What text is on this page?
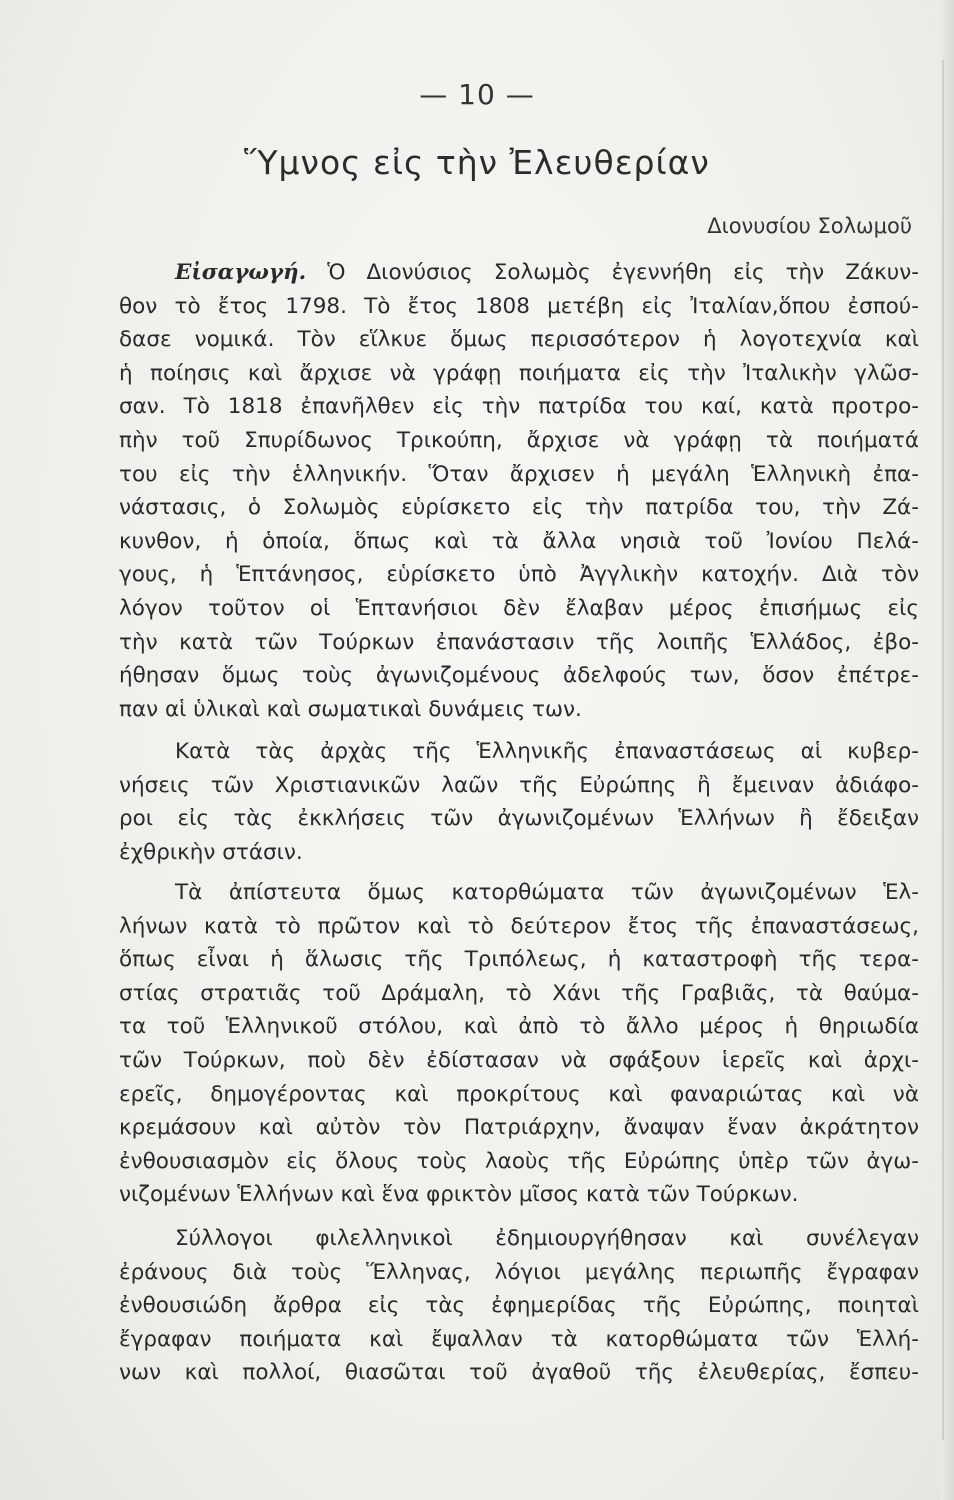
— 10 —
Ὕμνος εἰς τὴν Ἐλευθερίαν
Διονυσίου Σολωμοῦ
Εἰσαγωγή. Ὁ Διονύσιος Σολωμὸς ἐγεννήθη εἰς τὴν Ζάκυν-
θον τὸ ἔτος 1798. Τὸ ἔτος 1808 μετέβη εἰς Ἰταλίαν,ὅπου ἐσπού-
δασε νομικά. Τὸν εἵλκυε ὅμως περισσότερον ἡ λογοτεχνία καὶ
ἡ ποίησις καὶ ἄρχισε νὰ γράφῃ ποιήματα εἰς τὴν Ἰταλικὴν γλῶσ-
σαν. Τὸ 1818 ἐπανῆλθεν εἰς τὴν πατρίδα του καί, κατὰ προτρο-
πὴν τοῦ Σπυρίδωνος Τρικούπη, ἄρχισε νὰ γράφῃ τὰ ποιήματά
του εἰς τὴν ἑλληνικήν. Ὅταν ἄρχισεν ἡ μεγάλη Ἑλληνικὴ ἐπα-
νάστασις, ὁ Σολωμὸς εὑρίσκετο εἰς τὴν πατρίδα του, τὴν Ζά-
κυνθον, ἡ ὁποία, ὅπως καὶ τὰ ἄλλα νησιὰ τοῦ Ἰονίου Πελά-
γους, ἡ Ἑπτάνησος, εὑρίσκετο ὑπὸ Ἀγγλικὴν κατοχήν. Διὰ τὸν
λόγον τοῦτον οἱ Ἑπτανήσιοι δὲν ἔλαβαν μέρος ἐπισήμως εἰς
τὴν κατὰ τῶν Τούρκων ἐπανάστασιν τῆς λοιπῆς Ἑλλάδος, ἐβο-
ήθησαν ὅμως τοὺς ἀγωνιζομένους ἀδελφούς των, ὅσον ἐπέτρε-
παν αἱ ὑλικαὶ καὶ σωματικαὶ δυνάμεις των.
Κατὰ τὰς ἀρχὰς τῆς Ἑλληνικῆς ἐπαναστάσεως αἱ κυβερ-
νήσεις τῶν Χριστιανικῶν λαῶν τῆς Εὐρώπης ἢ ἔμειναν ἀδιάφο-
ροι εἰς τὰς ἐκκλήσεις τῶν ἀγωνιζομένων Ἑλλήνων ἢ ἔδειξαν
ἐχθρικὴν στάσιν.
Τὰ ἀπίστευτα ὅμως κατορθώματα τῶν ἀγωνιζομένων Ἑλ-
λήνων κατὰ τὸ πρῶτον καὶ τὸ δεύτερον ἔτος τῆς ἐπαναστάσεως,
ὅπως εἶναι ἡ ἅλωσις τῆς Τριπόλεως, ἡ καταστροφὴ τῆς τερα-
στίας στρατιᾶς τοῦ Δράμαλη, τὸ Χάνι τῆς Γραβιᾶς, τὰ θαύμα-
τα τοῦ Ἑλληνικοῦ στόλου, καὶ ἀπὸ τὸ ἄλλο μέρος ἡ θηριωδία
τῶν Τούρκων, ποὺ δὲν ἐδίστασαν νὰ σφάξουν ἱερεῖς καὶ ἀρχι-
ερεῖς, δημογέροντας καὶ προκρίτους καὶ φαναριώτας καὶ νὰ
κρεμάσουν καὶ αὐτὸν τὸν Πατριάρχην, ἄναψαν ἕναν ἀκράτητον
ἐνθουσιασμὸν εἰς ὅλους τοὺς λαοὺς τῆς Εὐρώπης ὑπὲρ τῶν ἀγω-
νιζομένων Ἑλλήνων καὶ ἕνα φρικτὸν μῖσος κατὰ τῶν Τούρκων.
Σύλλογοι φιλελληνικοὶ ἐδημιουργήθησαν καὶ συνέλεγαν
ἐράνους διὰ τοὺς Ἕλληνας, λόγιοι μεγάλης περιωπῆς ἔγραφαν
ἐνθουσιώδη ἄρθρα εἰς τὰς ἐφημερίδας τῆς Εὐρώπης, ποιηταὶ
ἔγραφαν ποιήματα καὶ ἔψαλλαν τὰ κατορθώματα τῶν Ἑλλή-
νων καὶ πολλοί, θιασῶται τοῦ ἀγαθοῦ τῆς ἐλευθερίας, ἔσπευ-
